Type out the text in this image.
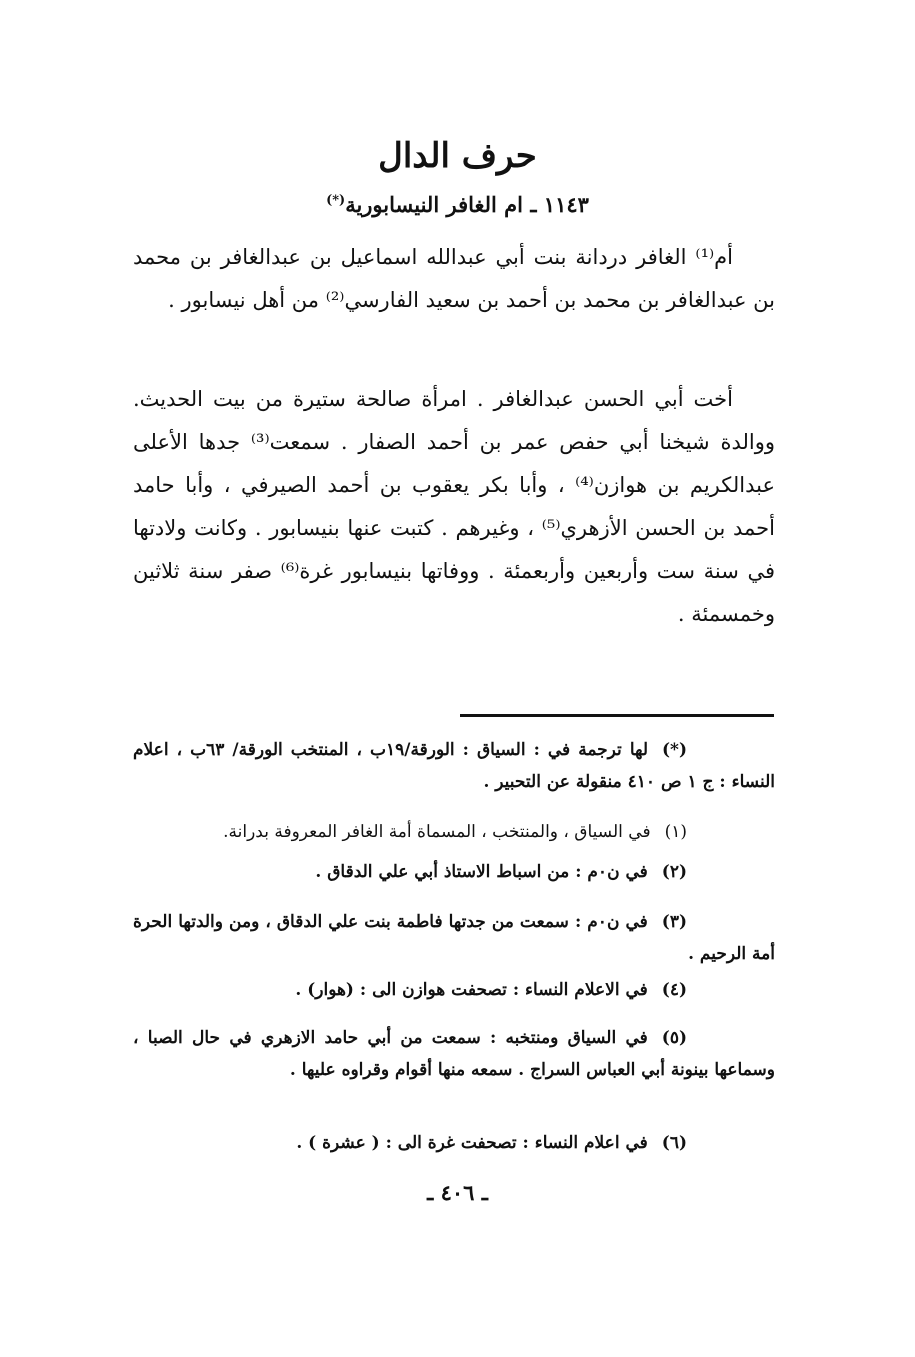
حرف الدال
١١٤٣ ـ ام الغافر النيسابورية(*)
أم⁽¹⁾ الغافر دردانة بنت أبي عبدالله اسماعيل بن عبدالغافر بن محمد بن عبدالغافر بن محمد بن أحمد بن سعيد الفارسي⁽²⁾ من أهل نيسابور .
أخت أبي الحسن عبدالغافر . امرأة صالحة ستيرة من بيت الحديث. ووالدة شيخنا أبي حفص عمر بن أحمد الصفار . سمعت⁽³⁾ جدها الأعلى عبدالكريم بن هوازن⁽⁴⁾ ، وأبا بكر يعقوب بن أحمد الصيرفي ، وأبا حامد أحمد بن الحسن الأزهري⁽⁵⁾ ، وغيرهم . كتبت عنها بنيسابور . وكانت ولادتها في سنة ست وأربعين وأربعمئة . ووفاتها بنيسابور غرة⁽⁶⁾ صفر سنة ثلاثين وخمسمئة .
(*)لها ترجمة في : السياق : الورقة/١٩ب ، المنتخب الورقة/ ٦٣ب ، اعلام النساء : ج ١ ص ٤١٠ منقولة عن التحبير .
(١)في السياق ، والمنتخب ، المسماة أمة الغافر المعروفة بدرانة.
(٢)في ن٠م : من اسباط الاستاذ أبي علي الدقاق .
(٣)في ن٠م : سمعت من جدتها فاطمة بنت علي الدقاق ، ومن والدتها الحرة أمة الرحيم .
(٤)في الاعلام النساء : تصحفت هوازن الى : (هوار) .
(٥)في السياق ومنتخبه : سمعت من أبي حامد الازهري في حال الصبا ، وسماعها بينونة أبي العباس السراج . سمعه منها أقوام وقراوه عليها .
(٦)في اعلام النساء : تصحفت غرة الى : ( عشرة ) .
ـ ٤٠٦ ـ
